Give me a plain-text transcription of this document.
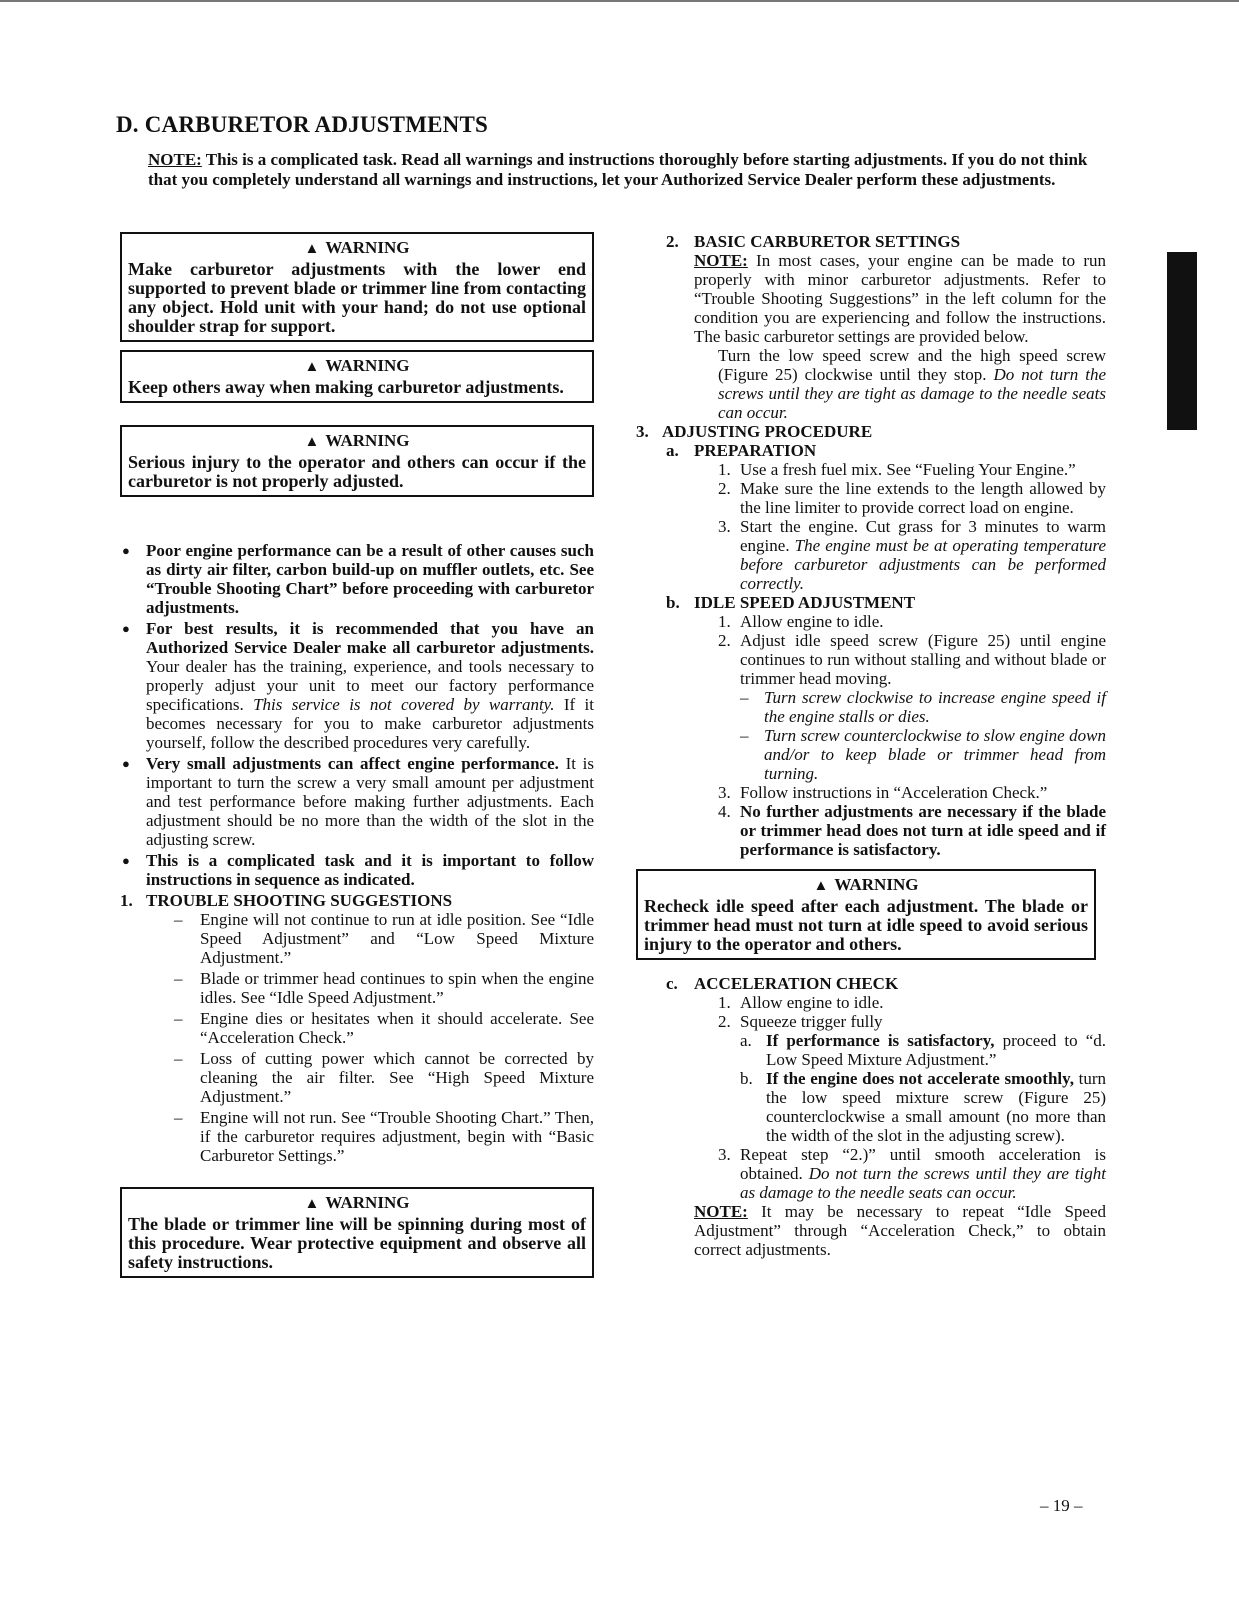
D. CARBURETOR ADJUSTMENTS
NOTE: This is a complicated task. Read all warnings and instructions thoroughly before starting adjustments. If you do not think that you completely understand all warnings and instructions, let your Authorized Service Dealer perform these adjustments.
▲ WARNING
Make carburetor adjustments with the lower end supported to prevent blade or trimmer line from contacting any object. Hold unit with your hand; do not use optional shoulder strap for support.
▲ WARNING
Keep others away when making carburetor adjustments.
▲ WARNING
Serious injury to the operator and others can occur if the carburetor is not properly adjusted.
● Poor engine performance can be a result of other causes such as dirty air filter, carbon build-up on muffler outlets, etc. See “Trouble Shooting Chart” before proceeding with carburetor adjustments.
● For best results, it is recommended that you have an Authorized Service Dealer make all carburetor adjustments. Your dealer has the training, experience, and tools necessary to properly adjust your unit to meet our factory performance specifications. This service is not covered by warranty. If it becomes necessary for you to make carburetor adjustments yourself, follow the described procedures very carefully.
● Very small adjustments can affect engine performance. It is important to turn the screw a very small amount per adjustment and test performance before making further adjustments. Each adjustment should be no more than the width of the slot in the adjusting screw.
● This is a complicated task and it is important to follow instructions in sequence as indicated.
1. TROUBLE SHOOTING SUGGESTIONS
– Engine will not continue to run at idle position. See “Idle Speed Adjustment” and “Low Speed Mixture Adjustment.”
– Blade or trimmer head continues to spin when the engine idles. See “Idle Speed Adjustment.”
– Engine dies or hesitates when it should accelerate. See “Acceleration Check.”
– Loss of cutting power which cannot be corrected by cleaning the air filter. See “High Speed Mixture Adjustment.”
– Engine will not run. See “Trouble Shooting Chart.” Then, if the carburetor requires adjustment, begin with “Basic Carburetor Settings.”
▲ WARNING
The blade or trimmer line will be spinning during most of this procedure. Wear protective equipment and observe all safety instructions.
2. BASIC CARBURETOR SETTINGS
NOTE: In most cases, your engine can be made to run properly with minor carburetor adjustments. Refer to “Trouble Shooting Suggestions” in the left column for the condition you are experiencing and follow the instructions. The basic carburetor settings are provided below.
Turn the low speed screw and the high speed screw (Figure 25) clockwise until they stop. Do not turn the screws until they are tight as damage to the needle seats can occur.
3. ADJUSTING PROCEDURE
a. PREPARATION
1. Use a fresh fuel mix. See “Fueling Your Engine.”
2. Make sure the line extends to the length allowed by the line limiter to provide correct load on engine.
3. Start the engine. Cut grass for 3 minutes to warm engine. The engine must be at operating temperature before carburetor adjustments can be performed correctly.
b. IDLE SPEED ADJUSTMENT
1. Allow engine to idle.
2. Adjust idle speed screw (Figure 25) until engine continues to run without stalling and without blade or trimmer head moving.
– Turn screw clockwise to increase engine speed if the engine stalls or dies.
– Turn screw counterclockwise to slow engine down and/or to keep blade or trimmer head from turning.
3. Follow instructions in “Acceleration Check.”
4. No further adjustments are necessary if the blade or trimmer head does not turn at idle speed and if performance is satisfactory.
▲ WARNING
Recheck idle speed after each adjustment. The blade or trimmer head must not turn at idle speed to avoid serious injury to the operator and others.
c. ACCELERATION CHECK
1. Allow engine to idle.
2. Squeeze trigger fully
a. If performance is satisfactory, proceed to “d. Low Speed Mixture Adjustment.”
b. If the engine does not accelerate smoothly, turn the low speed mixture screw (Figure 25) counterclockwise a small amount (no more than the width of the slot in the adjusting screw).
3. Repeat step “2.)” until smooth acceleration is obtained. Do not turn the screws until they are tight as damage to the needle seats can occur.
NOTE: It may be necessary to repeat “Idle Speed Adjustment” through “Acceleration Check,” to obtain correct adjustments.
– 19 –
